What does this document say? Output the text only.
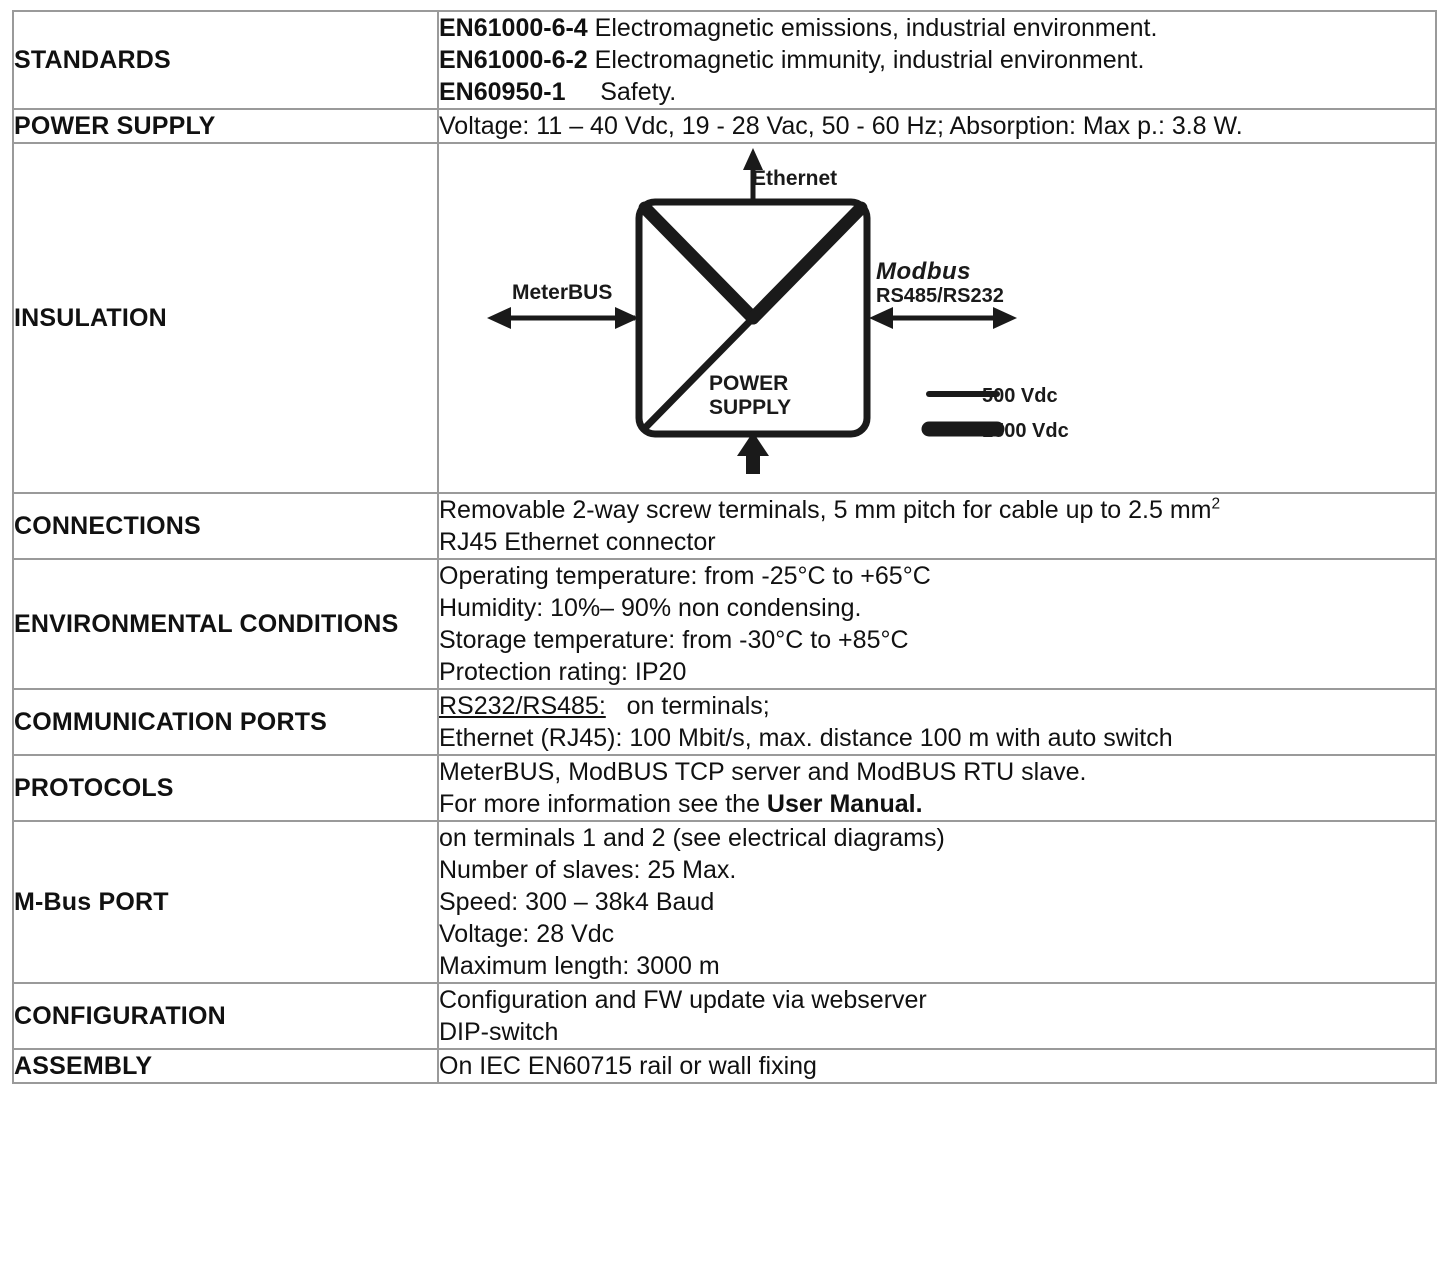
STANDARDS	EN61000-6-4 Electromagnetic emissions, industrial environment.
EN61000-6-2 Electromagnetic immunity, industrial environment.
EN60950-1     Safety.

POWER SUPPLY	Voltage: 11 – 40 Vdc, 19 - 28 Vac, 50 - 60 Hz; Absorption: Max p.: 3.8 W.

INSULATION	
Ethernet
MeterBUS
Modbus
RS485/RS232
POWER
SUPPLY	500 Vdc
1500 Vdc

CONNECTIONS	Removable 2-way screw terminals, 5 mm pitch for cable up to 2.5 $mm^2$
RJ45 Ethernet connector

ENVIRONMENTAL CONDITIONS	Operating temperature: from -25°C to +65°C
Humidity: 10%– 90% non condensing.
Storage temperature: from -30°C to +85°C
Protection rating: IP20

COMMUNICATION PORTS	RS232/RS485:   on terminals;
Ethernet (RJ45): 100 Mbit/s, max. distance 100 m with auto switch

PROTOCOLS	MeterBUS, ModBUS TCP server and ModBUS RTU slave.
For more information see the User Manual.

M-Bus PORT	on terminals 1 and 2 (see electrical diagrams)
Number of slaves: 25 Max.
Speed: 300 – 38k4 Baud
Voltage: 28 Vdc
Maximum length: 3000 m

CONFIGURATION	Configuration and FW update via webserver
DIP-switch

ASSEMBLY	On IEC EN60715 rail or wall fixing
